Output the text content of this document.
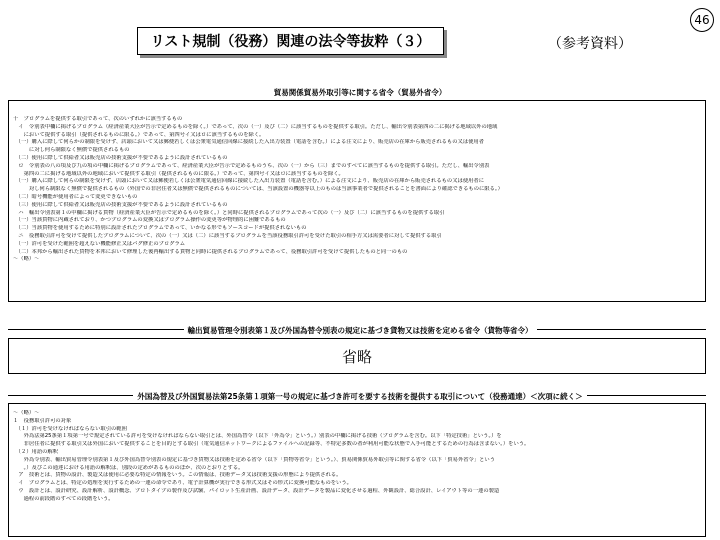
46
リスト規制（役務）関連の法令等抜粋（３）	（参考資料）
貿易関係貿易外取引等に関する省令（貿易外省令）
十　プログラムを提供する取引であって、次のいずれかに該当するもの
　イ　令別表中欄に掲げるプログラム（経済産業大臣が告示で定めるものを除く。）であって、次の（一）及び（二）に該当するものを提供する取引。ただし、輸出令別表第四の二に掲げる地域以外の地域
　　において提供する取引（提供されるものに限る。）であって、第四号イ又はロに該当するものを除く。
　（一）購入に際して何らかの制限を受けず、店頭において又は郵便若しくは公衆電気通信回線に接続した入出力装置（電話を含む。）による注文により、販売店の在庫から販売されるもの又は使用者
　　　に対し何ら制限なく無償で提供されるもの
　（二）使用に際して供給者又は販売店の技術支援が不要であるように設計されているもの
　ロ　令別表の八の項及び九の項の中欄に掲げるプログラムであって、経済産業大臣が告示で定めるものうち、次の（一）から（三）までのすべてに該当するものを提供する取引。ただし、輸出令別表
　　第四の二に掲げる地域以外の地域において提供する取引（提供されるものに限る。）であって、第四号イ又はロに該当するものを除く。
　（一）購入に際して何らの制限を受けず、店頭において又は郵便若しくは公衆電気通信回線に接続した入出力装置（電話を含む。）による注文により、販売店の在庫から販売されるもの又は使用者に
　　　対し何ら制限なく無償で提供されるもの（外国での非居住者又は無償で提供されるものについては、当該設置の機器等以上のものは当該事業者で提供されることを書面により確認できるものに限る。）
　（二）暗号機能が使用者によって変更できないもの
　（三）使用に際して供給者又は販売店の技術支援が不要であるように設計されているもの
　ハ　輸出令別表第１の中欄に掲げる貨物（経済産業大臣が告示で定めるものを除く。）と同時に提供されるプログラムであって次の（一）及び（二）に該当するものを提供する取引
　（一）当該貨物に内蔵されており、かつプログラムの変換又はプログラム操作の変更等が物理的に困難であるもの
　（二）当該貨物を使用するために特別に設計されたプログラムであって、いかなる形でもソースコードが提供されないもの
　ニ　役務取引許可を受けて提供したプログラムについて、次の（一）又は（二）に該当するプログラムを当該役務取引許可を受けた取引の相手方又は需要者に対して提供する取引
　（一）許可を受けた範囲を超えない機能修正又はバグ修正のプログラム
　（二）本邦から輸出された貨物を本邦において修理した後再輸出する貨物と同時に提供されるプログラムであって、役務取引許可を受けて提供したものと同一のもの
〜（略）〜
輸出貿易管理令別表第１及び外国為替令別表の規定に基づき貨物又は技術を定める省令（貨物等省令）
省略
外国為替及び外国貿易法第25条第１項第一号の規定に基づき許可を要する技術を提供する取引について（役務通達）＜次項に続く＞
〜（略）〜
１　役務取引許可の対象
　（１）許可を受けなければならない取引の範囲
　　外為法第25条第１項第一号で規定されている許可を受けなければならない取引とは、外国為替令（以下「外為令」という。）別表の中欄に掲げる技術（プログラムを含む。以下「特定技術」という。）を
　　非居住者に提供する取引又は外国において提供することを目的とする取引（電気通信ネットワークによるファイルへの記録等、不特定多数の者が利用可能な状態で入手可能とするための行為は含まない。）をいう。
　（２）用語の解釈
　　外為令別表、輸出貿易管理令別表第１及び外国為替令別表の規定に基づき貨物又は技術を定める省令（以下「貨物等省令」という。）、貿易関係貿易外取引等に関する省令（以下「貿易外省令」という
　　。）及びこの通達における用語の解釈は、別段の定めがあるもののほか、次のとおりとする。
　ア　技術とは、貨物の設計、製造又は使用に必要な特定の情報をいう。この情報は、技術データ又は技術支援の形態により提供される。
　イ　プログラムとは、特定の処理を実行するための一連の命令であり、電子計算機が実行できる形式又はその形式に変換可能なものをいう。
　ウ　設計とは、設計研究、設計解析、設計概念、プロトタイプの製作及び試験、パイロット生産計画、設計データ、設計データを製品に変化させる過程、外観設計、総合設計、レイアウト等の一連の製造
　　過程の前段階のすべての段階をいう。
